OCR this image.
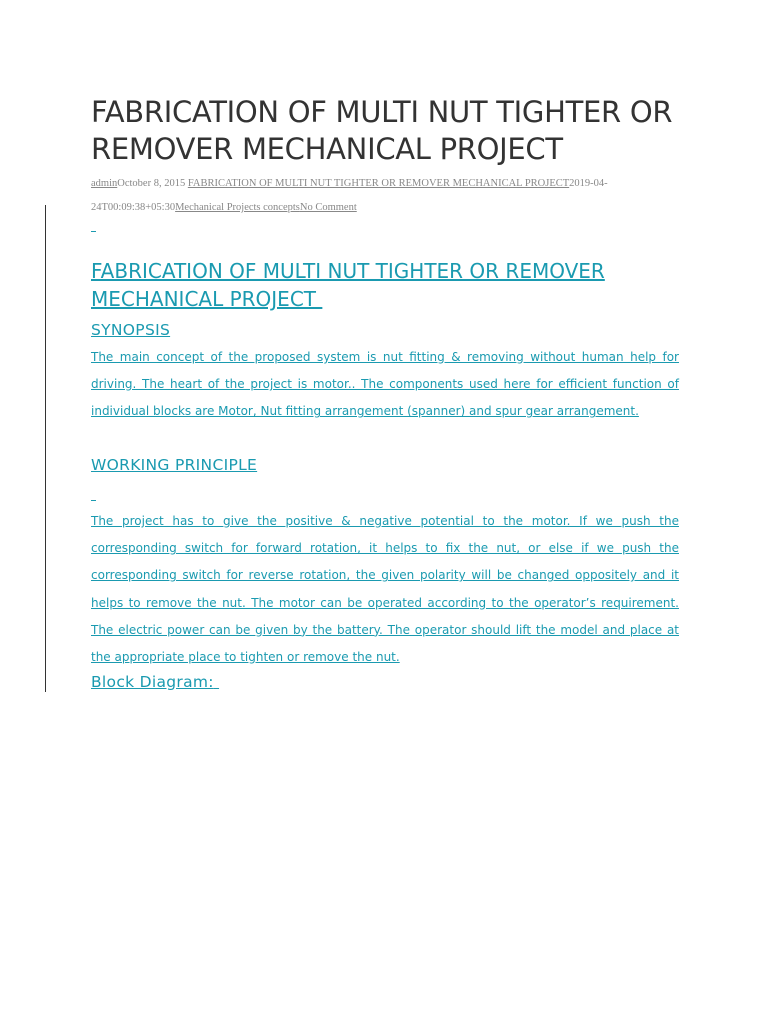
FABRICATION OF MULTI NUT TIGHTER OR REMOVER MECHANICAL PROJECT
adminOctober 8, 2015 FABRICATION OF MULTI NUT TIGHTER OR REMOVER MECHANICAL PROJECT2019-04-24T00:09:38+05:30Mechanical Projects conceptsNo Comment
FABRICATION OF MULTI NUT TIGHTER OR REMOVER MECHANICAL PROJECT
SYNOPSIS

The main concept of the proposed system is nut fitting & removing without human help for driving. The heart of the project is motor.. The components used here for efficient function of individual blocks are Motor, Nut fitting arrangement (spanner) and spur gear arrangement.

WORKING PRINCIPLE

The project has to give the positive & negative potential to the motor. If we push the corresponding switch for forward rotation, it helps to fix the nut, or else if we push the corresponding switch for reverse rotation, the given polarity will be changed oppositely and it helps to remove the nut. The motor can be operated according to the operator’s requirement. The electric power can be given by the battery. The operator should lift the model and place at the appropriate place to tighten or remove the nut.

Block Diagram:
